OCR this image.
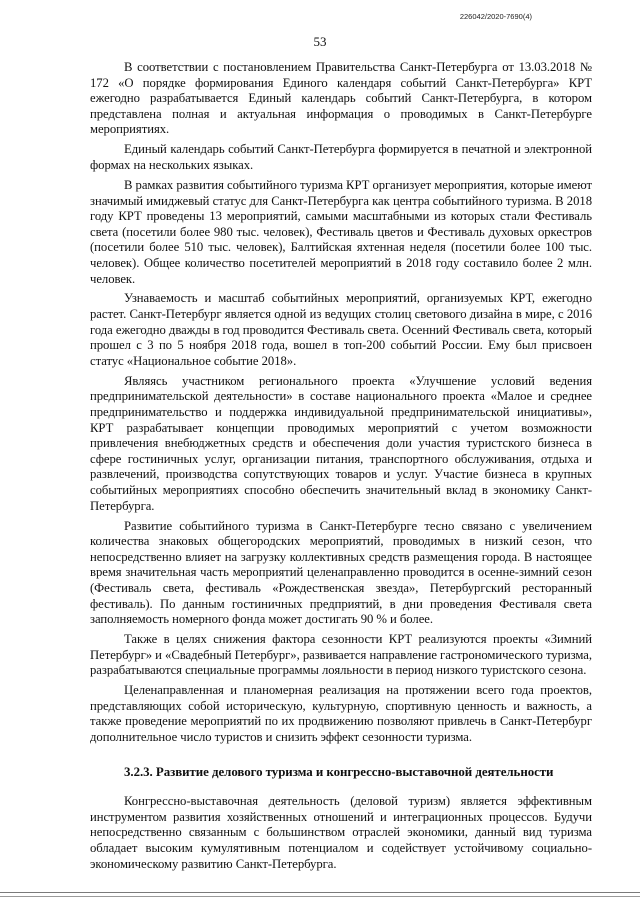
226042/2020-7690(4)
53

В соответствии с постановлением Правительства Санкт-Петербурга от 13.03.2018 № 172 «О порядке формирования Единого календаря событий Санкт-Петербурга» КРТ ежегодно разрабатывается Единый календарь событий Санкт-Петербурга, в котором представлена полная и актуальная информация о проводимых в Санкт-Петербурге мероприятиях.

Единый календарь событий Санкт-Петербурга формируется в печатной и электронной формах на нескольких языках.

В рамках развития событийного туризма КРТ организует мероприятия, которые имеют значимый имиджевый статус для Санкт-Петербурга как центра событийного туризма. В 2018 году КРТ проведены 13 мероприятий, самыми масштабными из которых стали Фестиваль света (посетили более 980 тыс. человек), Фестиваль цветов и Фестиваль духовых оркестров (посетили более 510 тыс. человек), Балтийская яхтенная неделя (посетили более 100 тыс. человек). Общее количество посетителей мероприятий в 2018 году составило более 2 млн. человек.

Узнаваемость и масштаб событийных мероприятий, организуемых КРТ, ежегодно растет. Санкт-Петербург является одной из ведущих столиц светового дизайна в мире, с 2016 года ежегодно дважды в год проводится Фестиваль света. Осенний Фестиваль света, который прошел с 3 по 5 ноября 2018 года, вошел в топ-200 событий России. Ему был присвоен статус «Национальное событие 2018».

Являясь участником регионального проекта «Улучшение условий ведения предпринимательской деятельности» в составе национального проекта «Малое и среднее предпринимательство и поддержка индивидуальной предпринимательской инициативы», КРТ разрабатывает концепции проводимых мероприятий с учетом возможности привлечения внебюджетных средств и обеспечения доли участия туристского бизнеса в сфере гостиничных услуг, организации питания, транспортного обслуживания, отдыха и развлечений, производства сопутствующих товаров и услуг. Участие бизнеса в крупных событийных мероприятиях способно обеспечить значительный вклад в экономику Санкт-Петербурга.

Развитие событийного туризма в Санкт-Петербурге тесно связано с увеличением количества знаковых общегородских мероприятий, проводимых в низкий сезон, что непосредственно влияет на загрузку коллективных средств размещения города. В настоящее время значительная часть мероприятий целенаправленно проводится в осенне-зимний сезон (Фестиваль света, фестиваль «Рождественская звезда», Петербургский ресторанный фестиваль). По данным гостиничных предприятий, в дни проведения Фестиваля света заполняемость номерного фонда может достигать 90 % и более.

Также в целях снижения фактора сезонности КРТ реализуются проекты «Зимний Петербург» и «Свадебный Петербург», развивается направление гастрономического туризма, разрабатываются специальные программы лояльности в период низкого туристского сезона.

Целенаправленная и планомерная реализация на протяжении всего года проектов, представляющих собой историческую, культурную, спортивную ценность и важность, а также проведение мероприятий по их продвижению позволяют привлечь в Санкт-Петербург дополнительное число туристов и снизить эффект сезонности туризма.

3.2.3. Развитие делового туризма и конгрессно-выставочной деятельности

Конгрессно-выставочная деятельность (деловой туризм) является эффективным инструментом развития хозяйственных отношений и интеграционных процессов. Будучи непосредственно связанным с большинством отраслей экономики, данный вид туризма обладает высоким кумулятивным потенциалом и содействует устойчивому социально-экономическому развитию Санкт-Петербурга.
